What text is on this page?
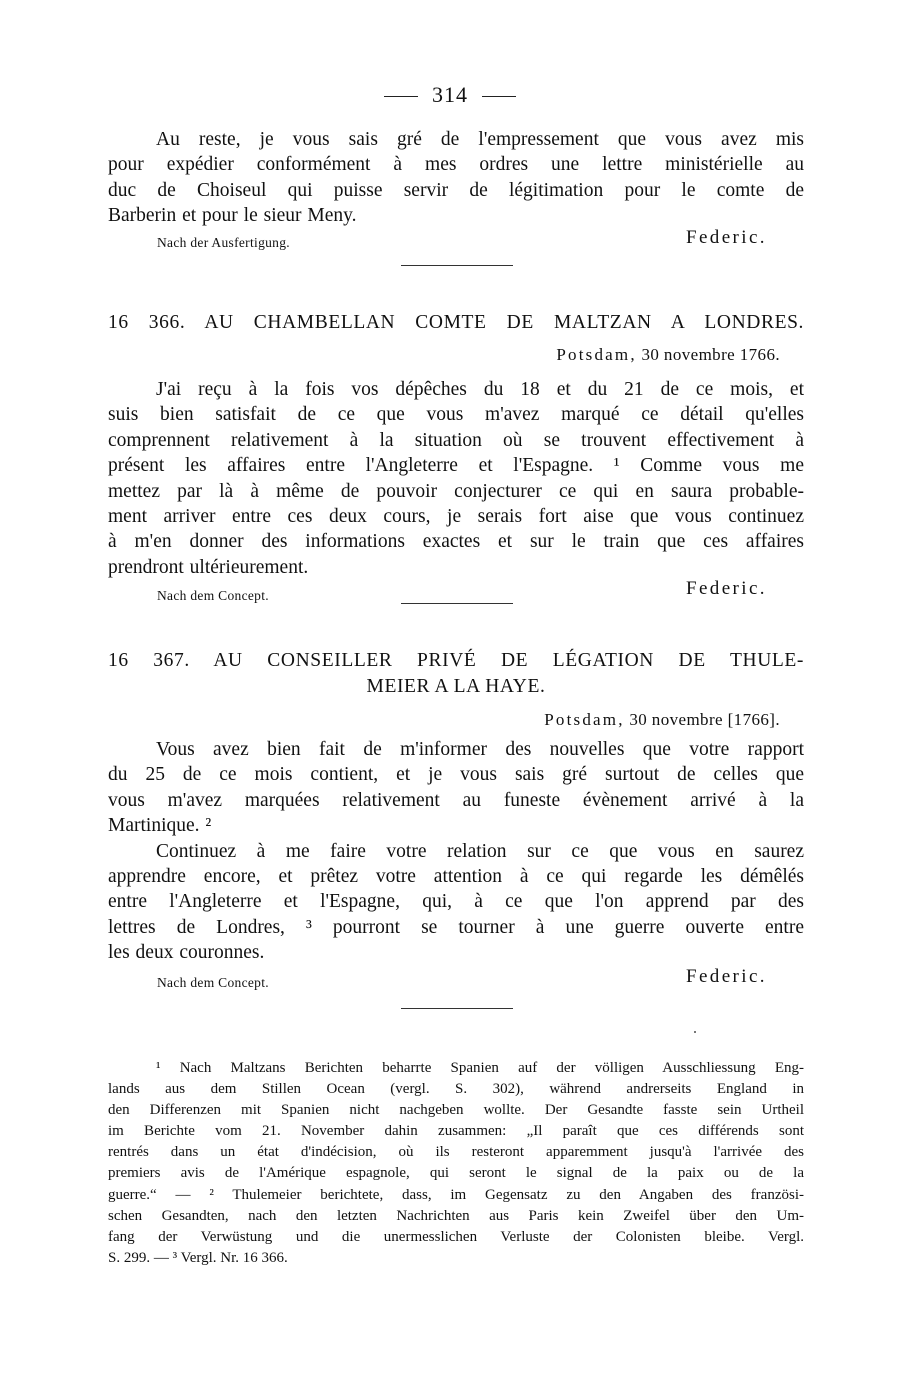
314
Au reste, je vous sais gré de l'empressement que vous avez mis
pour expédier conformément à mes ordres une lettre ministérielle au
duc de Choiseul qui puisse servir de légitimation pour le comte de
Barberin et pour le sieur Meny.
Nach der Ausfertigung.	Federic.
16 366. AU CHAMBELLAN COMTE DE MALTZAN A LONDRES.
Potsdam, 30 novembre 1766.
J'ai reçu à la fois vos dépêches du 18 et du 21 de ce mois, et
suis bien satisfait de ce que vous m'avez marqué ce détail qu'elles
comprennent relativement à la situation où se trouvent effectivement à
présent les affaires entre l'Angleterre et l'Espagne. ¹ Comme vous me
mettez par là à même de pouvoir conjecturer ce qui en saura probable-
ment arriver entre ces deux cours, je serais fort aise que vous continuez
à m'en donner des informations exactes et sur le train que ces affaires
prendront ultérieurement.
Nach dem Concept.	Federic.
16 367. AU CONSEILLER PRIVÉ DE LÉGATION DE THULE-
MEIER A LA HAYE.
Potsdam, 30 novembre [1766].
Vous avez bien fait de m'informer des nouvelles que votre rapport
du 25 de ce mois contient, et je vous sais gré surtout de celles que
vous m'avez marquées relativement au funeste évènement arrivé à la
Martinique. ²
Continuez à me faire votre relation sur ce que vous en saurez
apprendre encore, et prêtez votre attention à ce qui regarde les démêlés
entre l'Angleterre et l'Espagne, qui, à ce que l'on apprend par des
lettres de Londres, ³ pourront se tourner à une guerre ouverte entre
les deux couronnes.
Nach dem Concept.	Federic.
¹ Nach Maltzans Berichten beharrte Spanien auf der völligen Ausschliessung Eng-
lands aus dem Stillen Ocean (vergl. S. 302), während andrerseits England in
den Differenzen mit Spanien nicht nachgeben wollte. Der Gesandte fasste sein Urtheil
im Berichte vom 21. November dahin zusammen: „Il paraît que ces différends sont
rentrés dans un état d'indécision, où ils resteront apparemment jusqu'à l'arrivée des
premiers avis de l'Amérique espagnole, qui seront le signal de la paix ou de la
guerre.“ — ² Thulemeier berichtete, dass, im Gegensatz zu den Angaben des französi-
schen Gesandten, nach den letzten Nachrichten aus Paris kein Zweifel über den Um-
fang der Verwüstung und die unermesslichen Verluste der Colonisten bleibe. Vergl.
S. 299. — ³ Vergl. Nr. 16 366.
